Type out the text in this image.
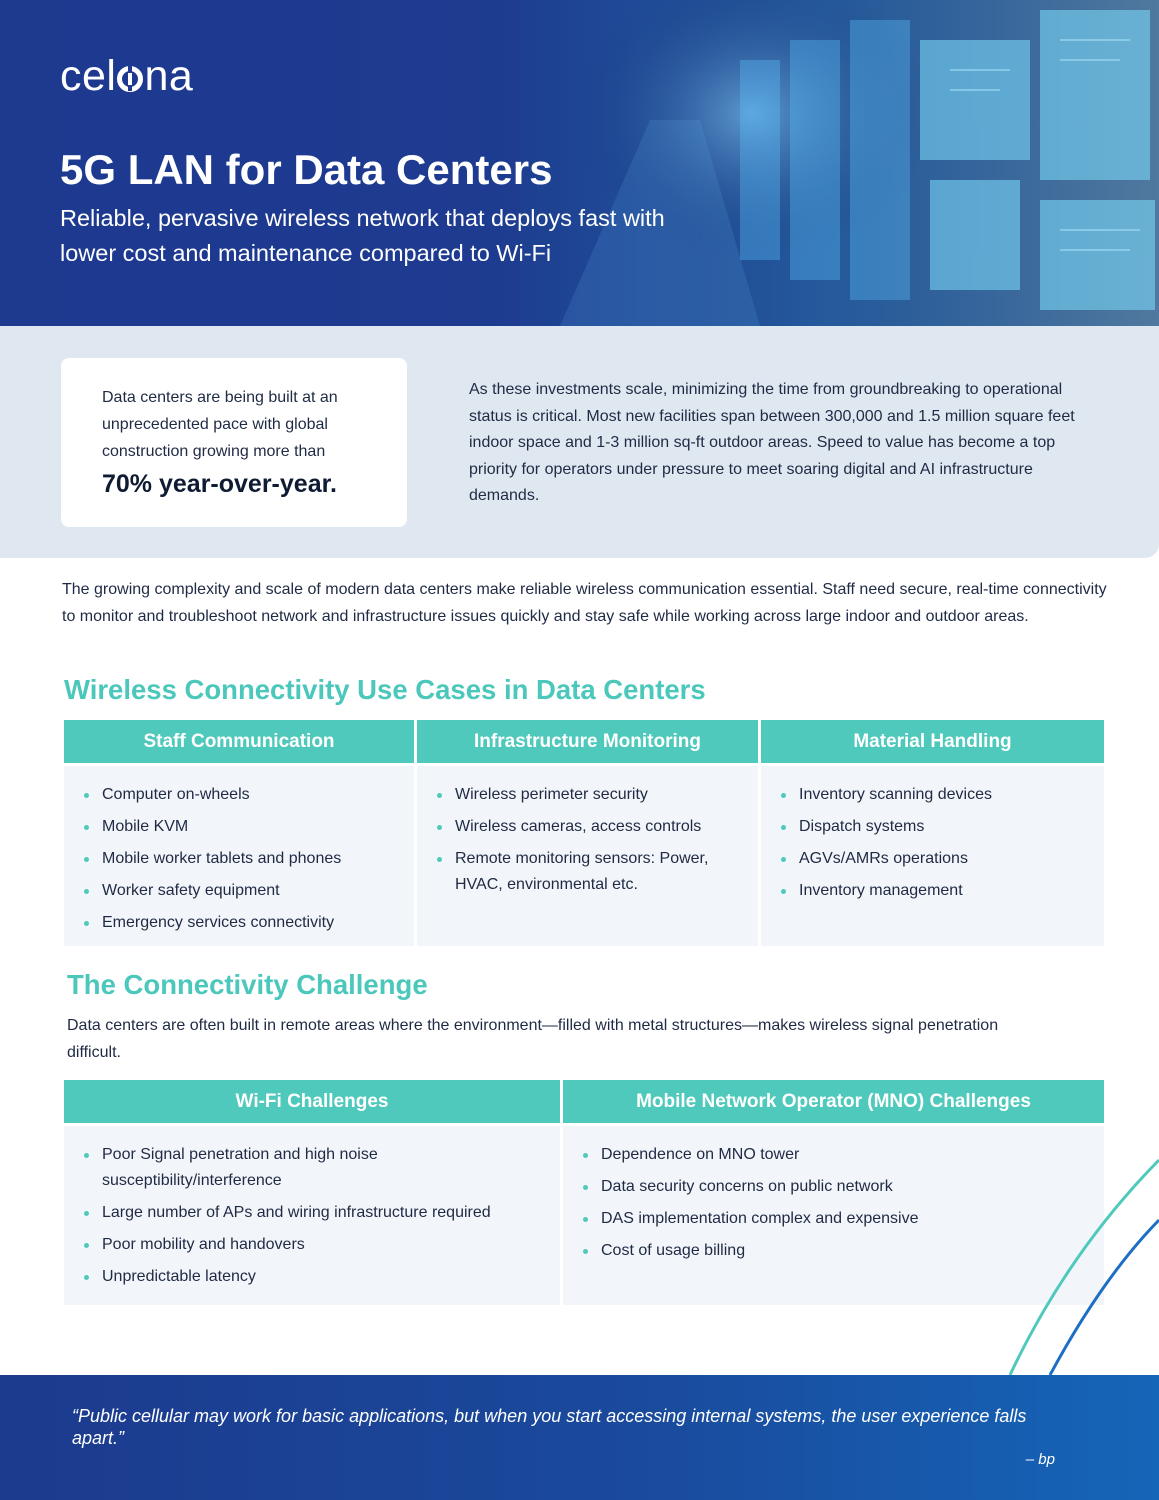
cel na
5G LAN for Data Centers
Reliable, pervasive wireless network that deploys fast with lower cost and maintenance compared to Wi-Fi
Data centers are being built at an unprecedented pace with global construction growing more than
70% year-over-year.
As these investments scale, minimizing the time from groundbreaking to operational status is critical. Most new facilities span between 300,000 and 1.5 million square feet indoor space and 1-3 million sq-ft outdoor areas. Speed to value has become a top priority for operators under pressure to meet soaring digital and AI infrastructure demands.
The growing complexity and scale of modern data centers make reliable wireless communication essential. Staff need secure, real-time connectivity to monitor and troubleshoot network and infrastructure issues quickly and stay safe while working across large indoor and outdoor areas.
Wireless Connectivity Use Cases in Data Centers
Staff Communication
Computer on-wheels
Mobile KVM
Mobile worker tablets and phones
Worker safety equipment
Emergency services connectivity
Infrastructure Monitoring
Wireless perimeter security
Wireless cameras, access controls
Remote monitoring sensors: Power, HVAC, environmental etc.
Material Handling
Inventory scanning devices
Dispatch systems
AGVs/AMRs operations
Inventory management
The Connectivity Challenge
Data centers are often built in remote areas where the environment—filled with metal structures—makes wireless signal penetration difficult.
Wi-Fi Challenges
Poor Signal penetration and high noise susceptibility/interference
Large number of APs and wiring infrastructure required
Poor mobility and handovers
Unpredictable latency
Mobile Network Operator (MNO) Challenges
Dependence on MNO tower
Data security concerns on public network
DAS implementation complex and expensive
Cost of usage billing
“Public cellular may work for basic applications, but when you start accessing internal systems, the user experience falls apart.”
– bp
